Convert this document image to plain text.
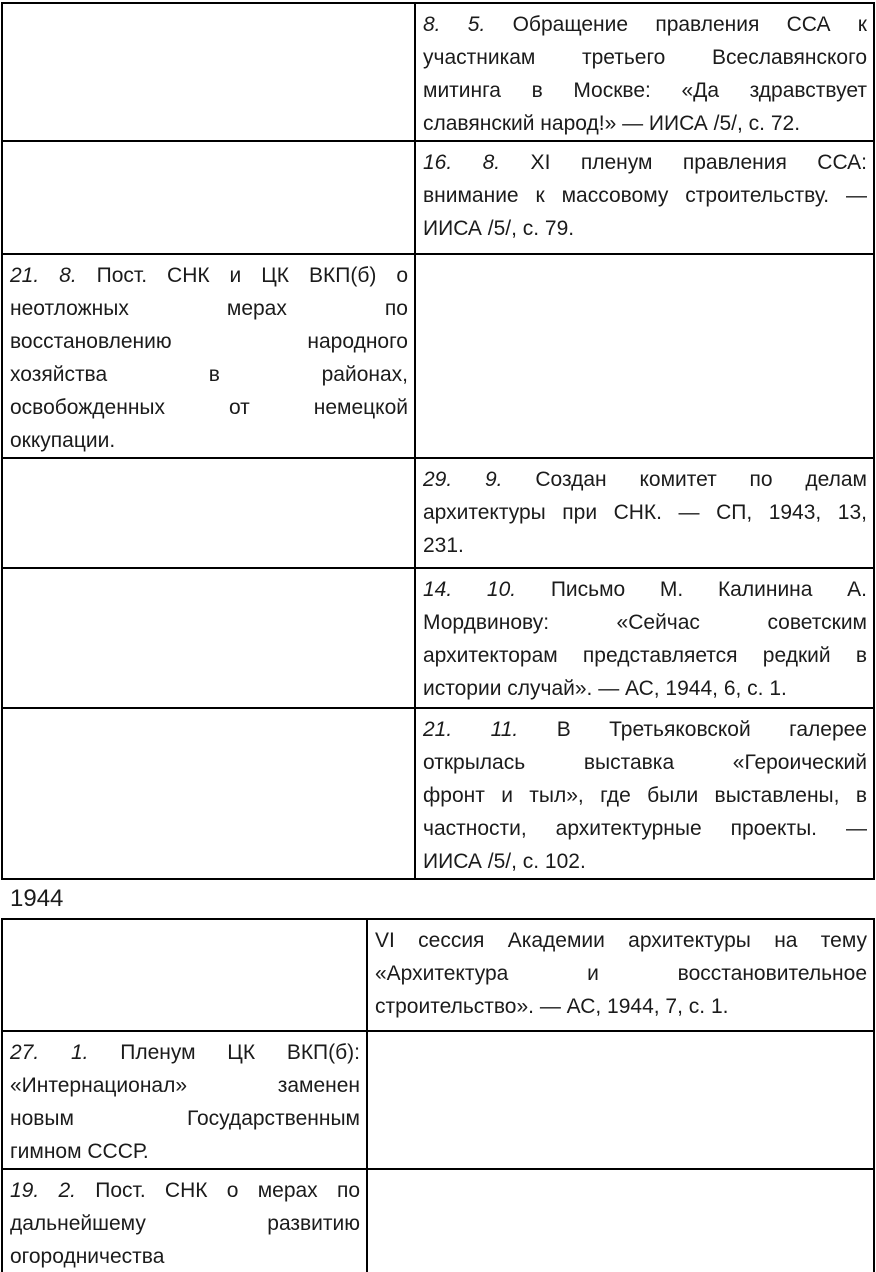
	8. 5. Обращение правления ССА к
участникам третьего Всеславянского
митинга в Москве: «Да здравствует
славянский народ!» — ИИСА /5/, с. 72.

	16. 8. XI пленум правления ССА:
внимание к массовому строительству. —
ИИСА /5/, с. 79.

21. 8. Пост. СНК и ЦК ВКП(б) о
неотложных мерах по
восстановлению народного
хозяйства в районах,
освобожденных от немецкой
оккупации.

	29. 9. Создан комитет по делам
архитектуры при СНК. — СП, 1943, 13,
231.

	14. 10. Письмо М. Калинина А.
Мордвинову: «Сейчас советским
архитекторам представляется редкий в
истории случай». — АС, 1944, 6, с. 1.

	21. 11. В Третьяковской галерее
открылась выставка «Героический
фронт и тыл», где были выставлены, в
частности, архитектурные проекты. —
ИИСА /5/, с. 102.
1944

	VI сессия Академии архитектуры на тему
«Архитектура и восстановительное
строительство». — АС, 1944, 7, с. 1.

27. 1. Пленум ЦК ВКП(б):
«Интернационал» заменен
новым Государственным
гимном СССР.	

19. 2. Пост. СНК о мерах по
дальнейшему развитию
огородничества	
